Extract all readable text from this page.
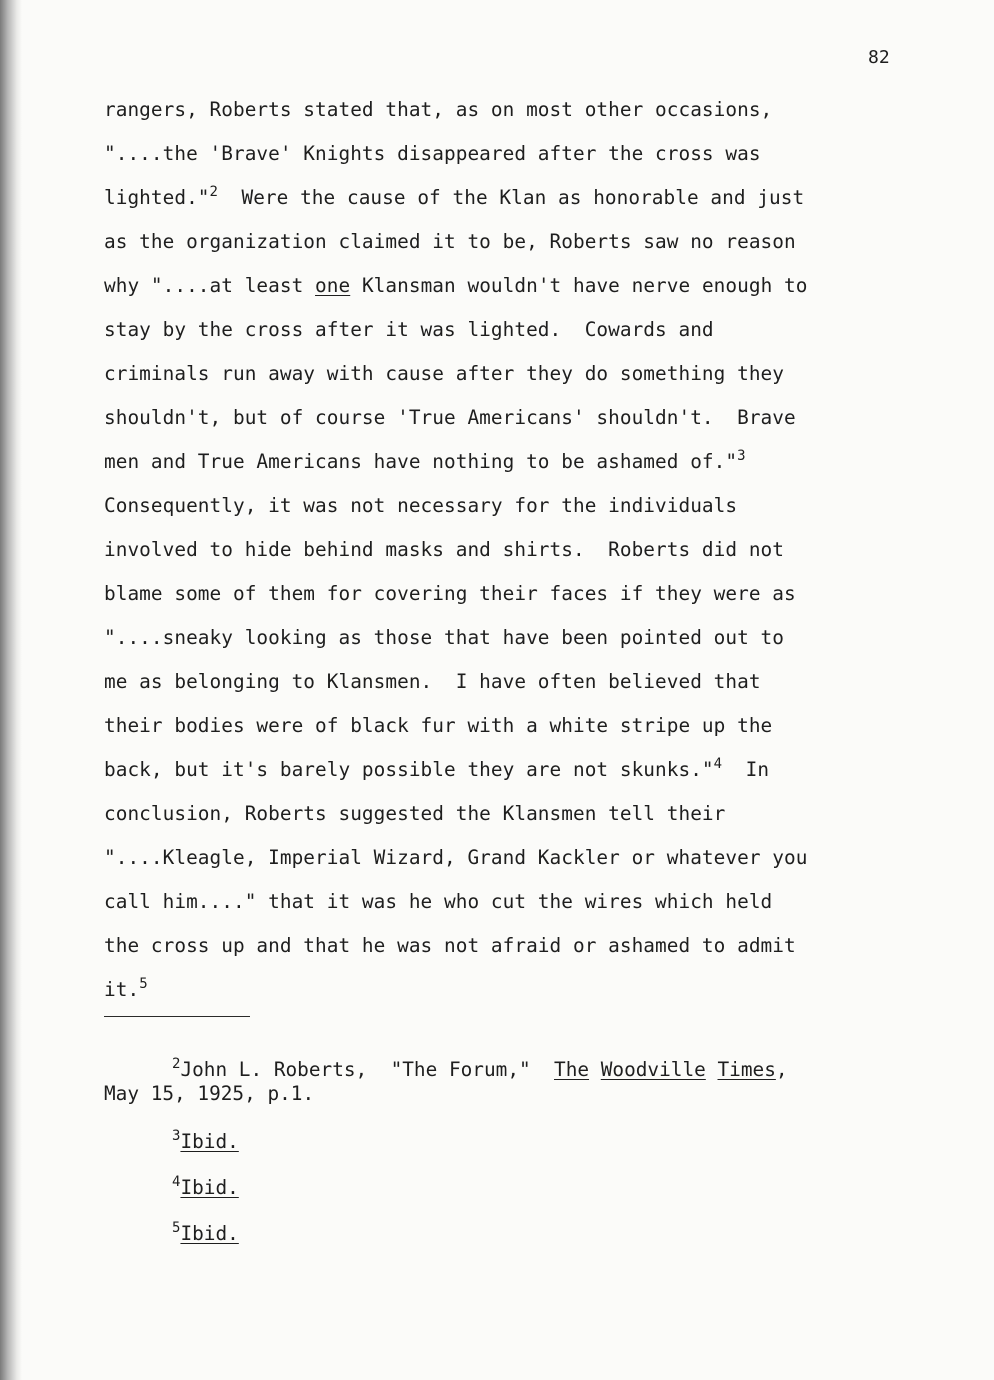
82
rangers, Roberts stated that, as on most other occasions,
"....the 'Brave' Knights disappeared after the cross was
lighted."$^2$  Were the cause of the Klan as honorable and just
as the organization claimed it to be, Roberts saw no reason
why "....at least one Klansman wouldn't have nerve enough to
stay by the cross after it was lighted.  Cowards and
criminals run away with cause after they do something they
shouldn't, but of course 'True Americans' shouldn't.  Brave
men and True Americans have nothing to be ashamed of."$^3$
Consequently, it was not necessary for the individuals
involved to hide behind masks and shirts.  Roberts did not
blame some of them for covering their faces if they were as
"....sneaky looking as those that have been pointed out to
me as belonging to Klansmen.  I have often believed that
their bodies were of black fur with a white stripe up the
back, but it's barely possible they are not skunks."$^4$  In
conclusion, Roberts suggested the Klansmen tell their
"....Kleagle, Imperial Wizard, Grand Kackler or whatever you
call him...." that it was he who cut the wires which held
the cross up and that he was not afraid or ashamed to admit
it.$^5$
$^2$John L. Roberts,  "The Forum,"  The Woodville Times,
May 15, 1925, p.1.
$^3$Ibid.
$^4$Ibid.
$^5$Ibid.
